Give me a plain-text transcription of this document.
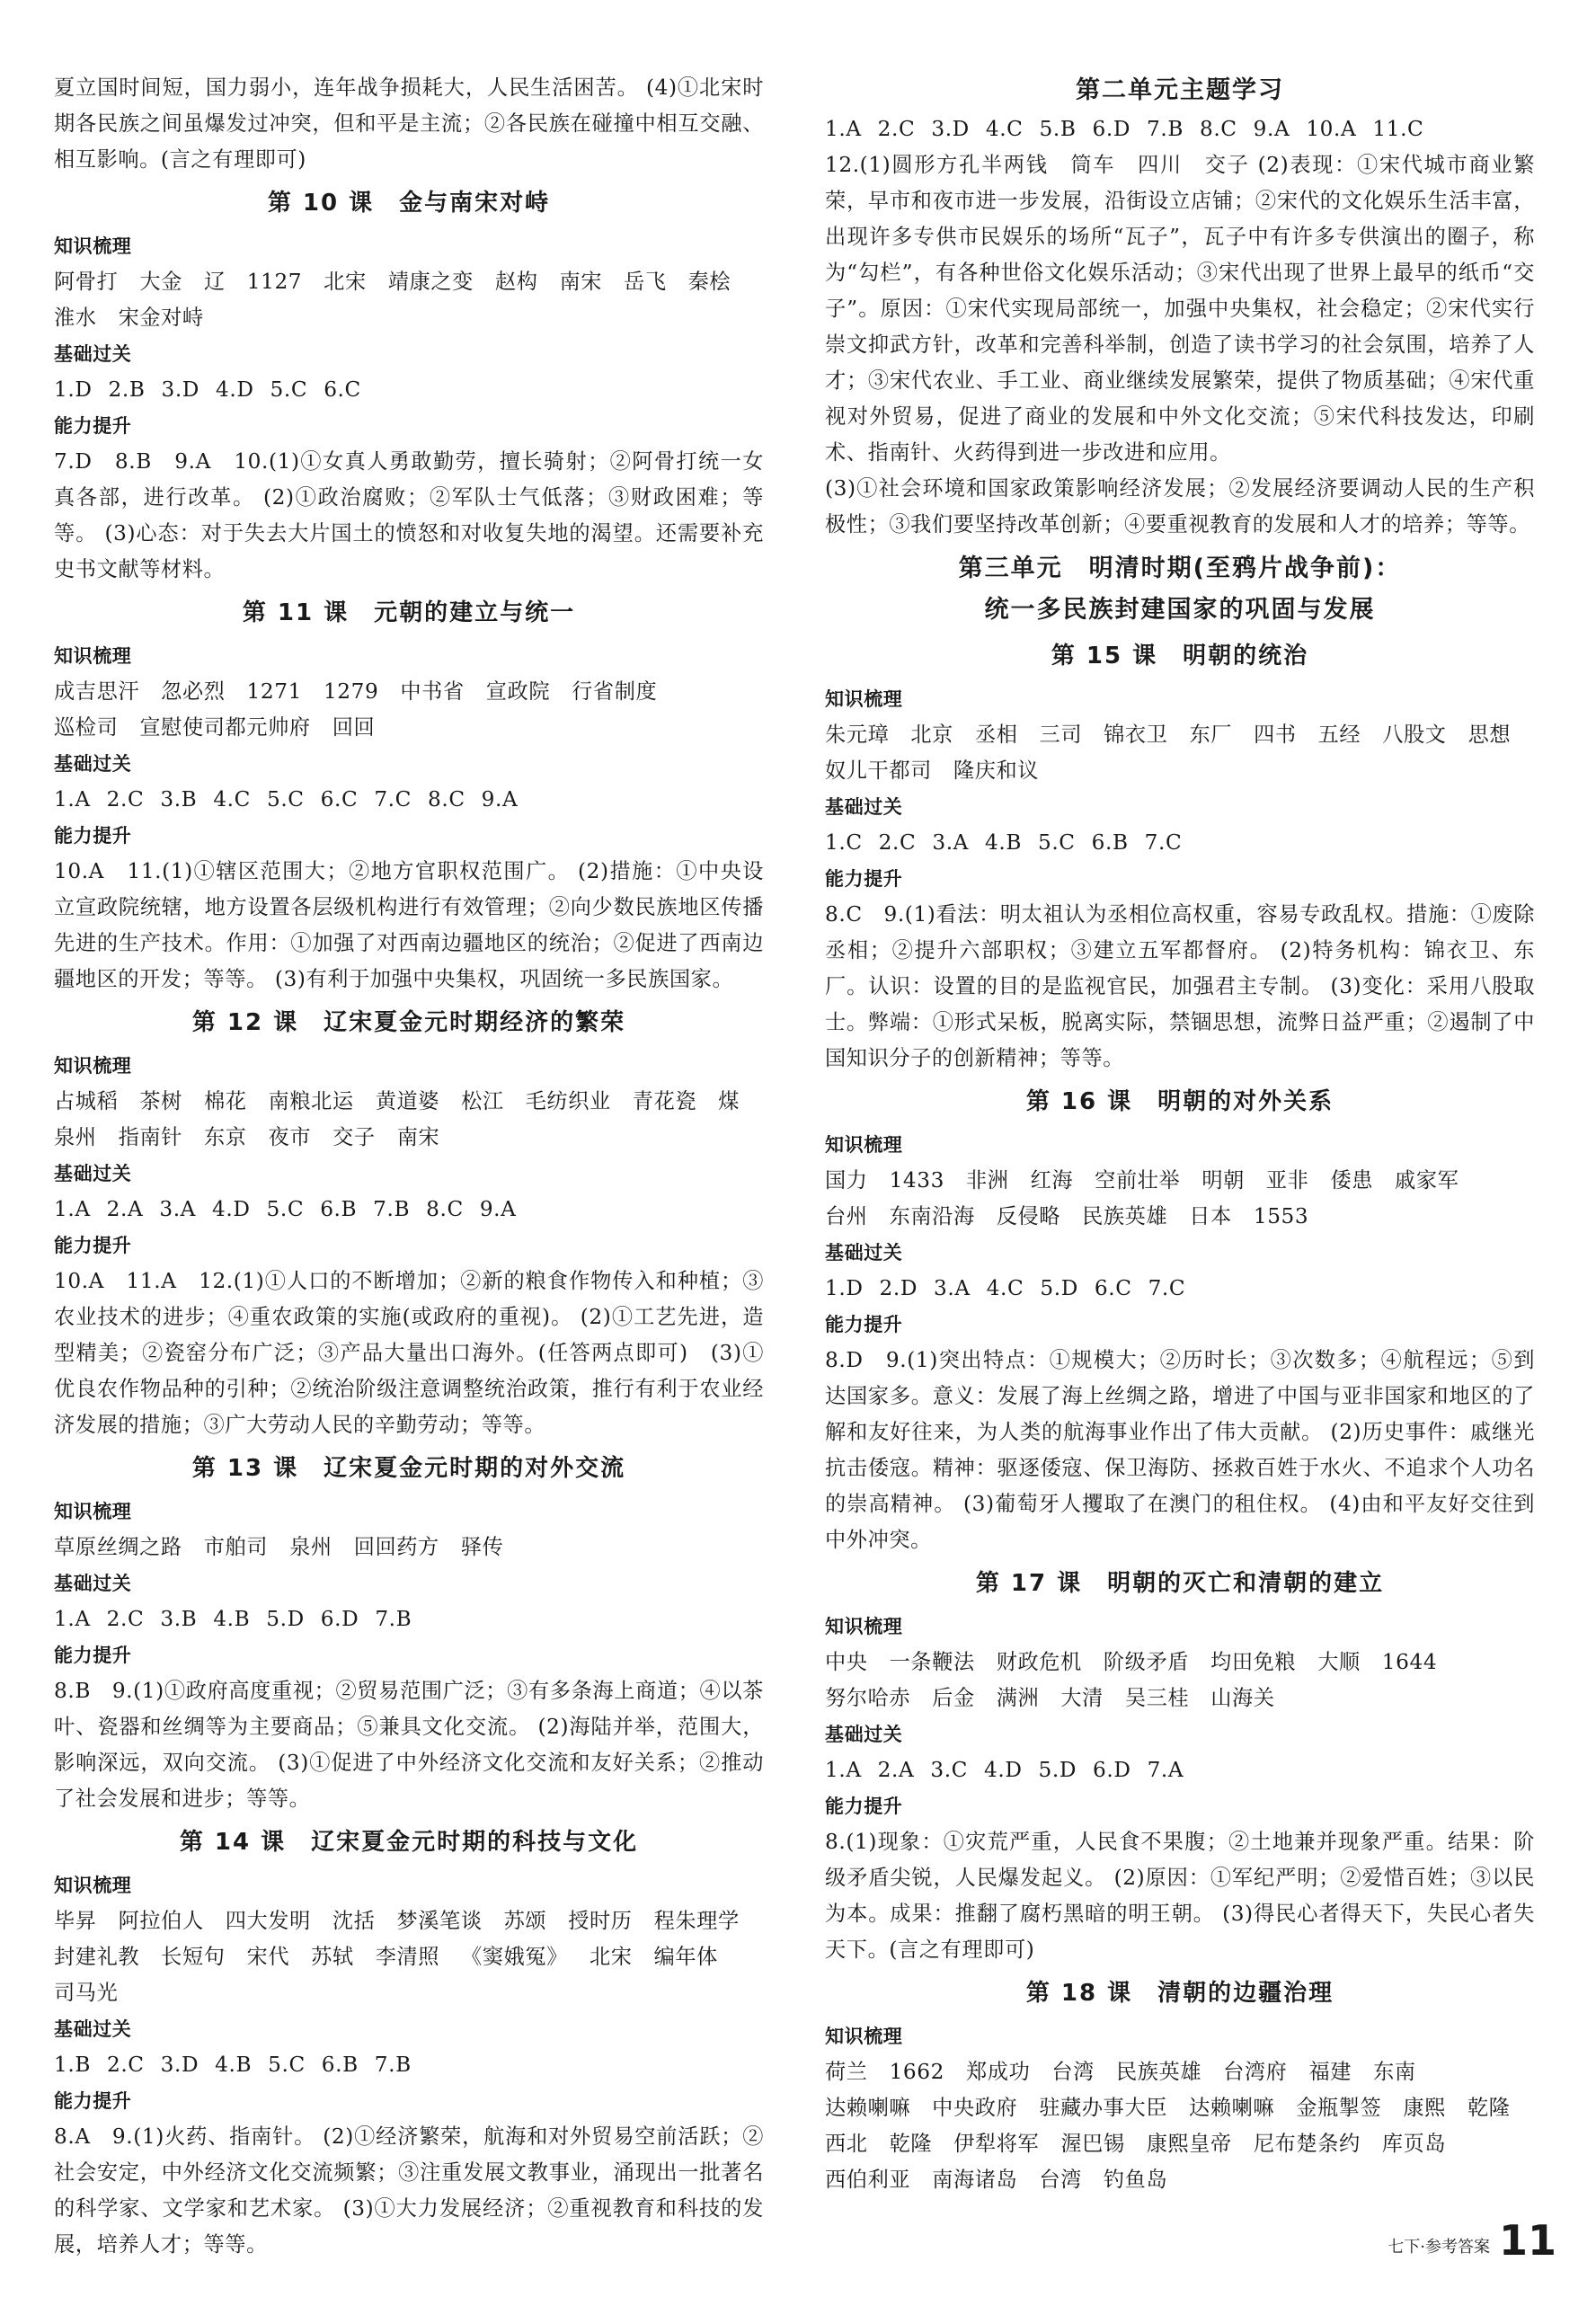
夏立国时间短，国力弱小，连年战争损耗大，人民生活困苦。 (4)①北宋时期各民族之间虽爆发过冲突，但和平是主流；②各民族在碰撞中相互交融、相互影响。(言之有理即可)
第 10 课　金与南宋对峙
知识梳理
阿骨打 大金 辽 1127 北宋 靖康之变 赵构 南宋 岳飞 秦桧淮水 宋金对峙
基础过关
1.D 2.B 3.D 4.D 5.C 6.C
能力提升
7.D　8.B　9.A　10.(1)①女真人勇敢勤劳，擅长骑射；②阿骨打统一女真各部，进行改革。 (2)①政治腐败；②军队士气低落；③财政困难；等等。 (3)心态：对于失去大片国土的愤怒和对收复失地的渴望。还需要补充史书文献等材料。
第 11 课　元朝的建立与统一
知识梳理
成吉思汗 忽必烈 1271 1279 中书省 宣政院 行省制度巡检司 宣慰使司都元帅府 回回
基础过关
1.A 2.C 3.B 4.C 5.C 6.C 7.C 8.C 9.A
能力提升
10.A　11.(1)①辖区范围大；②地方官职权范围广。 (2)措施：①中央设立宣政院统辖，地方设置各层级机构进行有效管理；②向少数民族地区传播先进的生产技术。作用：①加强了对西南边疆地区的统治；②促进了西南边疆地区的开发；等等。 (3)有利于加强中央集权，巩固统一多民族国家。
第 12 课　辽宋夏金元时期经济的繁荣
知识梳理
占城稻 茶树 棉花 南粮北运 黄道婆 松江 毛纺织业 青花瓷 煤泉州 指南针 东京 夜市 交子 南宋
基础过关
1.A 2.A 3.A 4.D 5.C 6.B 7.B 8.C 9.A
能力提升
10.A　11.A　12.(1)①人口的不断增加；②新的粮食作物传入和种植；③农业技术的进步；④重农政策的实施(或政府的重视)。 (2)①工艺先进，造型精美；②瓷窑分布广泛；③产品大量出口海外。(任答两点即可)　(3)①优良农作物品种的引种；②统治阶级注意调整统治政策，推行有利于农业经济发展的措施；③广大劳动人民的辛勤劳动；等等。
第 13 课　辽宋夏金元时期的对外交流
知识梳理
草原丝绸之路 市舶司 泉州 回回药方 驿传
基础过关
1.A 2.C 3.B 4.B 5.D 6.D 7.B
能力提升
8.B　9.(1)①政府高度重视；②贸易范围广泛；③有多条海上商道；④以茶叶、瓷器和丝绸等为主要商品；⑤兼具文化交流。 (2)海陆并举，范围大，影响深远，双向交流。 (3)①促进了中外经济文化交流和友好关系；②推动了社会发展和进步；等等。
第 14 课　辽宋夏金元时期的科技与文化
知识梳理
毕昇 阿拉伯人 四大发明 沈括 梦溪笔谈 苏颂 授时历 程朱理学封建礼教 长短句 宋代 苏轼 李清照 《窦娥冤》 北宋 编年体司马光
基础过关
1.B 2.C 3.D 4.B 5.C 6.B 7.B
能力提升
8.A　9.(1)火药、指南针。 (2)①经济繁荣，航海和对外贸易空前活跃；②社会安定，中外经济文化交流频繁；③注重发展文教事业，涌现出一批著名的科学家、文学家和艺术家。 (3)①大力发展经济；②重视教育和科技的发展，培养人才；等等。
第二单元主题学习
1.A 2.C 3.D 4.C 5.B 6.D 7.B 8.C 9.A 10.A 11.C
12.(1)圆形方孔半两钱　筒车　四川　交子 (2)表现：①宋代城市商业繁荣，早市和夜市进一步发展，沿街设立店铺；②宋代的文化娱乐生活丰富，出现许多专供市民娱乐的场所“瓦子”，瓦子中有许多专供演出的圈子，称为“勾栏”，有各种世俗文化娱乐活动；③宋代出现了世界上最早的纸币“交子”。原因：①宋代实现局部统一，加强中央集权，社会稳定；②宋代实行崇文抑武方针，改革和完善科举制，创造了读书学习的社会氛围，培养了人才；③宋代农业、手工业、商业继续发展繁荣，提供了物质基础；④宋代重视对外贸易，促进了商业的发展和中外文化交流；⑤宋代科技发达，印刷术、指南针、火药得到进一步改进和应用。
(3)①社会环境和国家政策影响经济发展；②发展经济要调动人民的生产积极性；③我们要坚持改革创新；④要重视教育的发展和人才的培养；等等。
第三单元　明清时期(至鸦片战争前)：
统一多民族封建国家的巩固与发展
第 15 课　明朝的统治
知识梳理
朱元璋 北京 丞相 三司 锦衣卫 东厂 四书 五经 八股文 思想奴儿干都司 隆庆和议
基础过关
1.C 2.C 3.A 4.B 5.C 6.B 7.C
能力提升
8.C　9.(1)看法：明太祖认为丞相位高权重，容易专政乱权。措施：①废除丞相；②提升六部职权；③建立五军都督府。 (2)特务机构：锦衣卫、东厂。认识：设置的目的是监视官民，加强君主专制。 (3)变化：采用八股取士。弊端：①形式呆板，脱离实际，禁锢思想，流弊日益严重；②遏制了中国知识分子的创新精神；等等。
第 16 课　明朝的对外关系
知识梳理
国力 1433 非洲 红海 空前壮举 明朝 亚非 倭患 戚家军台州 东南沿海 反侵略 民族英雄 日本 1553
基础过关
1.D 2.D 3.A 4.C 5.D 6.C 7.C
能力提升
8.D　9.(1)突出特点：①规模大；②历时长；③次数多；④航程远；⑤到达国家多。意义：发展了海上丝绸之路，增进了中国与亚非国家和地区的了解和友好往来，为人类的航海事业作出了伟大贡献。 (2)历史事件：戚继光抗击倭寇。精神：驱逐倭寇、保卫海防、拯救百姓于水火、不追求个人功名的崇高精神。 (3)葡萄牙人攫取了在澳门的租住权。 (4)由和平友好交往到中外冲突。
第 17 课　明朝的灭亡和清朝的建立
知识梳理
中央 一条鞭法 财政危机 阶级矛盾 均田免粮 大顺 1644努尔哈赤 后金 满洲 大清 吴三桂 山海关
基础过关
1.A 2.A 3.C 4.D 5.D 6.D 7.A
能力提升
8.(1)现象：①灾荒严重，人民食不果腹；②土地兼并现象严重。结果：阶级矛盾尖锐，人民爆发起义。 (2)原因：①军纪严明；②爱惜百姓；③以民为本。成果：推翻了腐朽黑暗的明王朝。 (3)得民心者得天下，失民心者失天下。(言之有理即可)
第 18 课　清朝的边疆治理
知识梳理
荷兰 1662 郑成功 台湾 民族英雄 台湾府 福建 东南达赖喇嘛 中央政府 驻藏办事大臣 达赖喇嘛 金瓶掣签 康熙 乾隆西北 乾隆 伊犁将军 渥巴锡 康熙皇帝 尼布楚条约 库页岛西伯利亚 南海诸岛 台湾 钓鱼岛
七下·参考答案 11
